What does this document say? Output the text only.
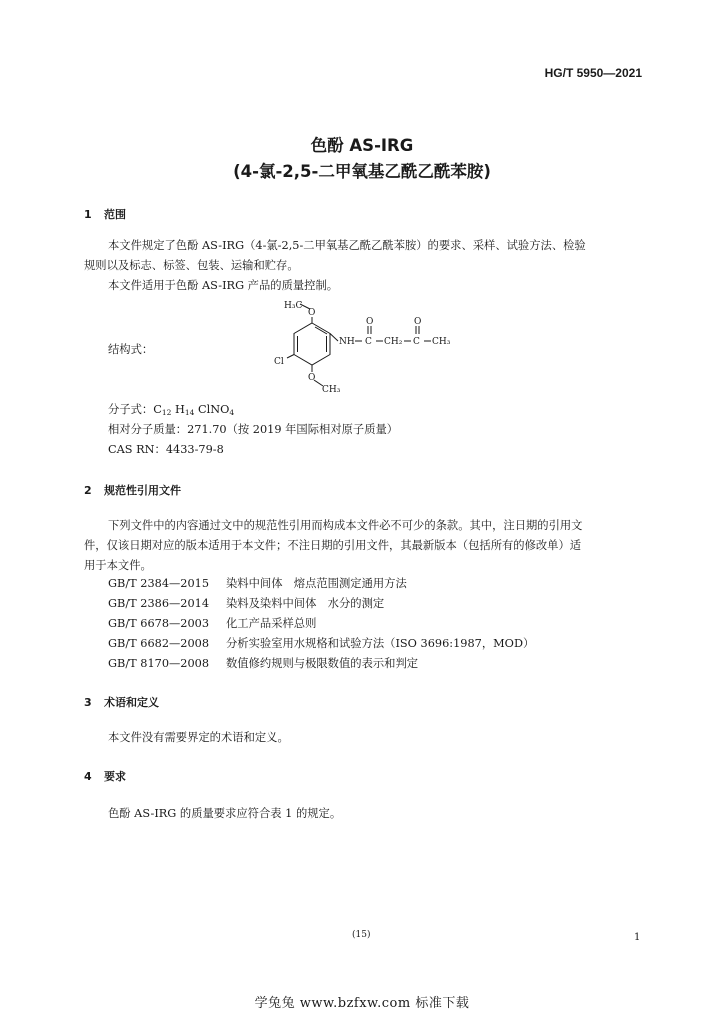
HG/T 5950—2021
色酚 AS-IRG
(4-氯-2,5-二甲氧基乙酰乙酰苯胺)
1 范围
本文件规定了色酚 AS-IRG（4-氯-2,5-二甲氧基乙酰乙酰苯胺）的要求、采样、试验方法、检验
规则以及标志、标签、包装、运输和贮存。
本文件适用于色酚 AS-IRG 产品的质量控制。
结构式：
H₃C
O
NH C
O
CH₂ C
O
CH₃
Cl
O
CH₃
分子式：$C_{12}$ $H_{14}$ ClNO$_4$
相对分子质量：271.70（按 2019 年国际相对原子质量）
CAS RN：4433-79-8
2 规范性引用文件
下列文件中的内容通过文中的规范性引用而构成本文件必不可少的条款。其中，注日期的引用文
件，仅该日期对应的版本适用于本文件；不注日期的引用文件，其最新版本（包括所有的修改单）适
用于本文件。
GB/T 2384—2015 染料中间体　熔点范围测定通用方法
GB/T 2386—2014 染料及染料中间体　水分的测定
GB/T 6678—2003 化工产品采样总则
GB/T 6682—2008 分析实验室用水规格和试验方法（ISO 3696:1987，MOD）
GB/T 8170—2008 数值修约规则与极限数值的表示和判定
3 术语和定义
本文件没有需要界定的术语和定义。
4 要求
色酚 AS-IRG 的质量要求应符合表 1 的规定。
(15)	1
学兔兔 www.bzfxw.com 标准下载
